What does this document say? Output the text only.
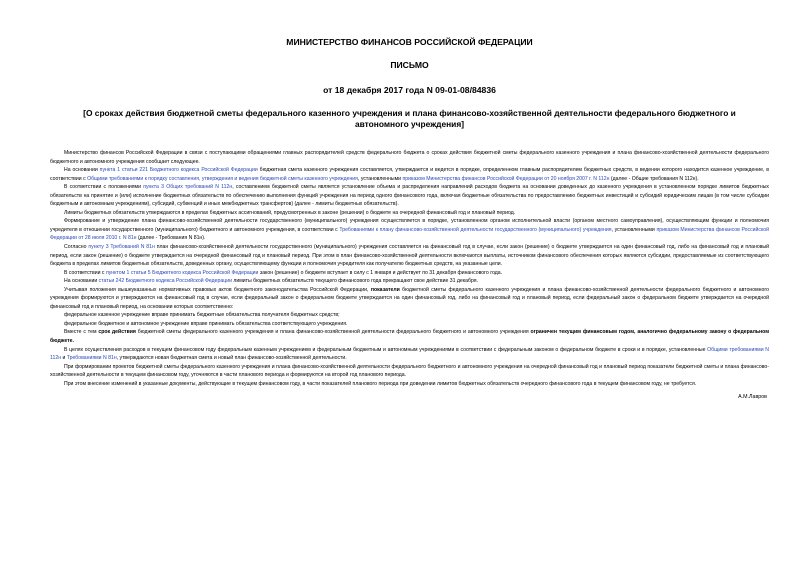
МИНИСТЕРСТВО ФИНАНСОВ РОССИЙСКОЙ ФЕДЕРАЦИИ
ПИСЬМО
от 18 декабря 2017 года N 09-01-08/84836
[О сроках действия бюджетной сметы федерального казенного учреждения и плана финансово-хозяйственной деятельности федерального бюджетного и автономного учреждения]

Министерство финансов Российской Федерации в связи с поступающими обращениями главных распорядителей средств федерального бюджета о сроках действия бюджетной сметы федерального казенного учреждения и плана финансово-хозяйственной деятельности федерального бюджетного и автономного учреждения сообщает следующее.

На основании пункта 1 статьи 221 Бюджетного кодекса Российской Федерации бюджетная смета казенного учреждения составляется, утверждается и ведется в порядке, определенном главным распорядителем бюджетных средств, в ведении которого находится казенное учреждение, в соответствии с Общими требованиями к порядку составления, утверждения и ведения бюджетной сметы казенного учреждения, установленными приказом Министерства финансов Российской Федерации от 20 ноября 2007 г. N 112н (далее - Общие требования N 112н).

В соответствии с положениями пункта 3 Общих требований N 112н, составлением бюджетной сметы является установление объема и распределения направлений расходов бюджета на основании доведенных до казенного учреждения в установленном порядке лимитов бюджетных обязательств на принятие и (или) исполнение бюджетных обязательств по обеспечению выполнения функций учреждения на период одного финансового года, включая бюджетные обязательства по предоставлению бюджетных инвестиций и субсидий юридическим лицам (в том числе субсидии бюджетным и автономным учреждениям), субсидий, субвенций и иных межбюджетных трансфертов) (далее - лимиты бюджетных обязательств).

Лимиты бюджетных обязательств утверждаются в пределах бюджетных ассигнований, предусмотренных в законе (решении) о бюджете на очередной финансовый год и плановый период.

Формирование и утверждение плана финансово-хозяйственной деятельности государственного (муниципального) учреждения осуществляется в порядке, установленном органом исполнительной власти (органом местного самоуправления), осуществляющим функции и полномочия учредителя в отношении государственного (муниципального) бюджетного и автономного учреждения, в соответствии с Требованиями к плану финансово-хозяйственной деятельности государственного (муниципального) учреждения, установленными приказом Министерства финансов Российской Федерации от 28 июля 2010 г. N 81н (далее - Требования N 81н).

Согласно пункту 3 Требований N 81н план финансово-хозяйственной деятельности государственного (муниципального) учреждения составляется на финансовый год в случае, если закон (решение) о бюджете утверждается на один финансовый год, либо на финансовый год и плановый период, если закон (решение) о бюджете утверждается на очередной финансовый год и плановый период. При этом в план финансово-хозяйственной деятельности включаются выплаты, источником финансового обеспечения которых являются субсидии, предоставляемые из соответствующего бюджета в пределах лимитов бюджетных обязательств, доведенных органу, осуществляющему функции и полномочия учредителя как получателю бюджетных средств, на указанные цели.

В соответствии с пунктом 1 статьи 5 Бюджетного кодекса Российской Федерации закон (решение) о бюджете вступает в силу с 1 января и действует по 31 декабря финансового года.

На основании статьи 242 Бюджетного кодекса Российской Федерации лимиты бюджетных обязательств текущего финансового года прекращают свое действие 31 декабря.

Учитывая положения вышеуказанных нормативных правовых актов бюджетного законодательства Российской Федерации, показатели бюджетной сметы федерального казенного учреждения и плана финансово-хозяйственной деятельности федерального бюджетного и автономного учреждения формируются и утверждаются на финансовый год в случае, если федеральный закон о федеральном бюджете утверждается на один финансовый год, либо на финансовый год и плановый период, если федеральный закон о федеральном бюджете утверждается на очередной финансовый год и плановый период, на основании которых соответственно:

федеральное казенное учреждение вправе принимать бюджетные обязательства получателя бюджетных средств;

федеральное бюджетное и автономное учреждение вправе принимать обязательства соответствующего учреждения.

Вместе с тем срок действия бюджетной сметы федерального казенного учреждения и плана финансово-хозяйственной деятельности федерального бюджетного и автономного учреждения ограничен текущим финансовым годом, аналогично федеральному закону о федеральном бюджете.

В целях осуществления расходов в текущем финансовом году федеральным казенным учреждением и федеральным бюджетным и автономным учреждениями в соответствии с федеральным законом о федеральном бюджете в сроки и в порядке, установленные Общими требованиями N 112н и Требованиями N 81н, утверждаются новая бюджетная смета и новый план финансово-хозяйственной деятельности.

При формировании проектов бюджетной сметы федерального казенного учреждения и плана финансово-хозяйственной деятельности федерального бюджетного и автономного учреждения на очередной финансовый год и плановый период показатели бюджетной сметы и плана финансово-хозяйственной деятельности в текущем финансовом году, уточняются в части планового периода и формируются на второй год планового периода.

При этом внесение изменений в указанные документы, действующие в текущем финансовом году, в части показателей планового периода при доведении лимитов бюджетных обязательств очередного финансового года в текущем финансовом году, не требуется.

А.М.Лавров
